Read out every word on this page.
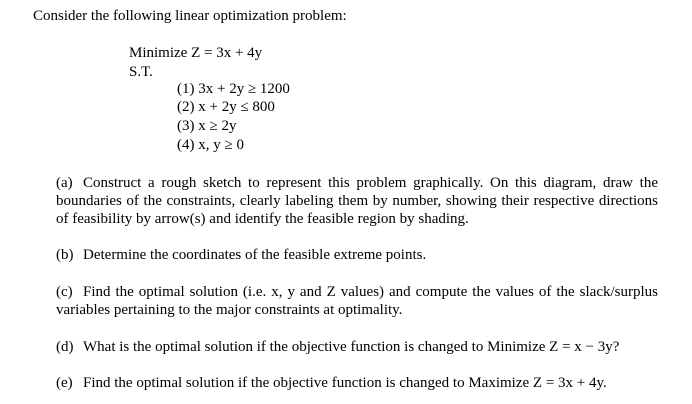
Consider the following linear optimization problem:
Minimize Z = 3x + 4y
S.T.
(1) 3x + 2y ≥ 1200
(2) x + 2y ≤ 800
(3) x ≥ 2y
(4) x, y ≥ 0
(a) Construct a rough sketch to represent this problem graphically. On this diagram, draw the boundaries of the constraints, clearly labeling them by number, showing their respective directions of feasibility by arrow(s) and identify the feasible region by shading.
(b) Determine the coordinates of the feasible extreme points.
(c) Find the optimal solution (i.e. x, y and Z values) and compute the values of the slack/surplus variables pertaining to the major constraints at optimality.
(d) What is the optimal solution if the objective function is changed to Minimize Z = x − 3y?
(e) Find the optimal solution if the objective function is changed to Maximize Z = 3x + 4y.
